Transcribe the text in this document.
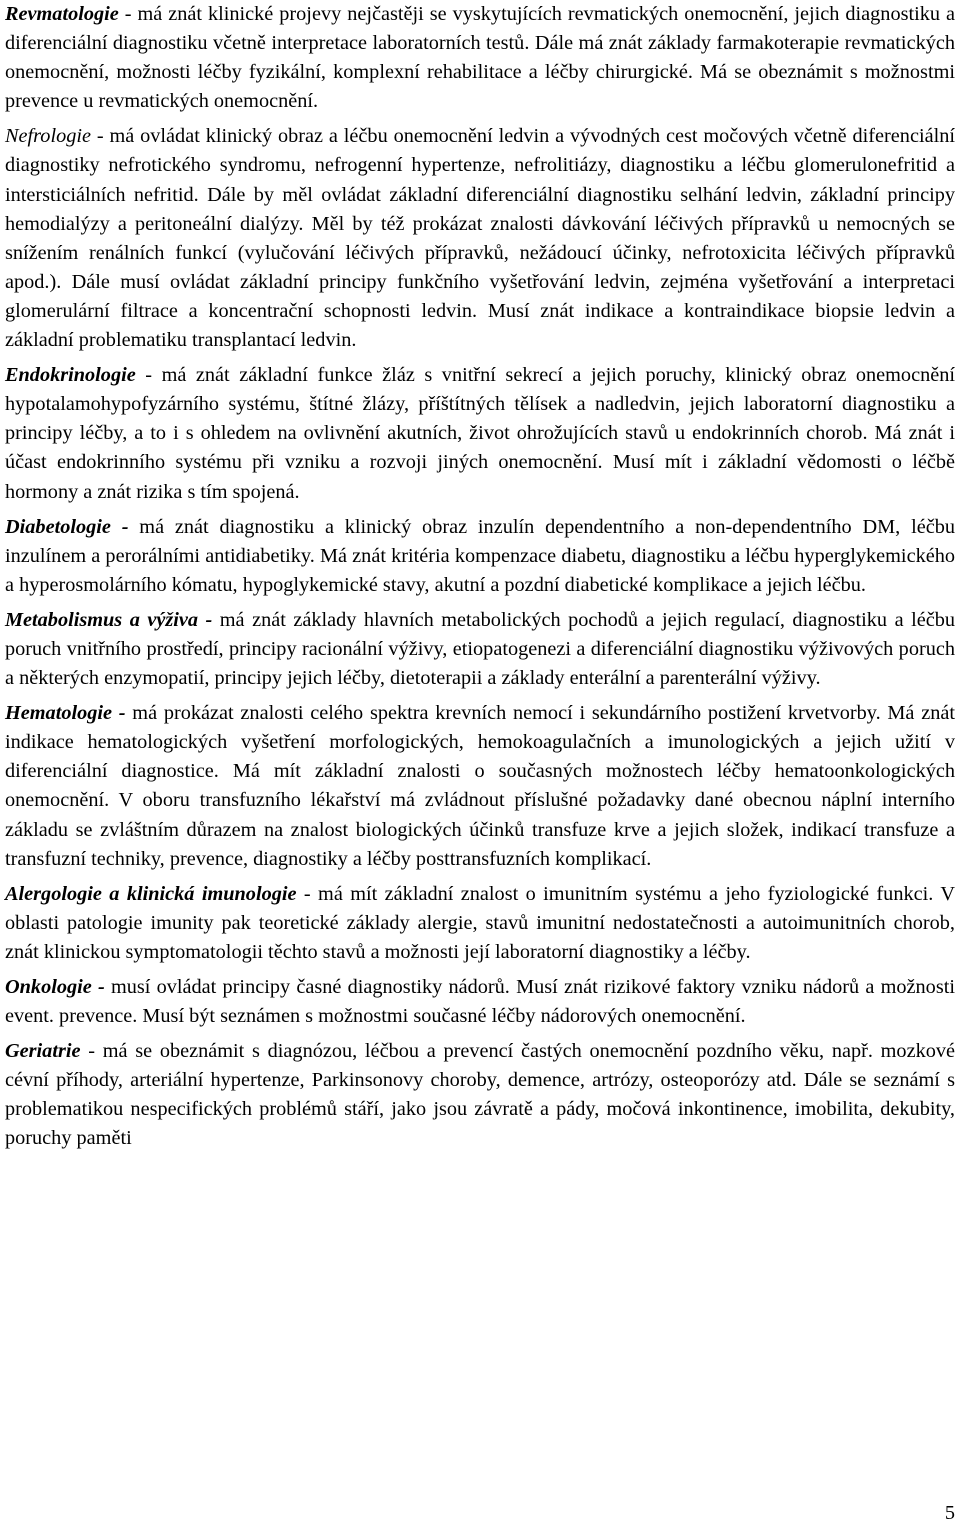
Revmatologie - má znát klinické projevy nejčastěji se vyskytujících revmatických onemocnění, jejich diagnostiku a diferenciální diagnostiku včetně interpretace laboratorních testů. Dále má znát základy farmakoterapie revmatických onemocnění, možnosti léčby fyzikální, komplexní rehabilitace a léčby chirurgické. Má se obeznámit s možnostmi prevence u revmatických onemocnění.

Nefrologie - má ovládat klinický obraz a léčbu onemocnění ledvin a vývodných cest močových včetně diferenciální diagnostiky nefrotického syndromu, nefrogenní hypertenze, nefrolitiázy, diagnostiku a léčbu glomerulonefritid a intersticiálních nefritid. Dále by měl ovládat základní diferenciální diagnostiku selhání ledvin, základní principy hemodialýzy a peritoneální dialýzy. Měl by též prokázat znalosti dávkování léčivých přípravků u nemocných se snížením renálních funkcí (vylučování léčivých přípravků, nežádoucí účinky, nefrotoxicita léčivých přípravků apod.). Dále musí ovládat základní principy funkčního vyšetřování ledvin, zejména vyšetřování a interpretaci glomerulární filtrace a koncentrační schopnosti ledvin. Musí znát indikace a kontraindikace biopsie ledvin a základní problematiku transplantací ledvin.

Endokrinologie - má znát základní funkce žláz s vnitřní sekrecí a jejich poruchy, klinický obraz onemocnění hypotalamohypofyzárního systému, štítné žlázy, příštítných tělísek a nadledvin, jejich laboratorní diagnostiku a principy léčby, a to i s ohledem na ovlivnění akutních, život ohrožujících stavů u endokrinních chorob. Má znát i účast endokrinního systému při vzniku a rozvoji jiných onemocnění. Musí mít i základní vědomosti o léčbě hormony a znát rizika s tím spojená.

Diabetologie - má znát diagnostiku a klinický obraz inzulín dependentního a non-dependentního DM, léčbu inzulínem a perorálními antidiabetiky. Má znát kritéria kompenzace diabetu, diagnostiku a léčbu hyperglykemického a hyperosmolárního kómatu, hypoglykemické stavy, akutní a pozdní diabetické komplikace a jejich léčbu.

Metabolismus a výživa - má znát základy hlavních metabolických pochodů a jejich regulací, diagnostiku a léčbu poruch vnitřního prostředí, principy racionální výživy, etiopatogenezi a diferenciální diagnostiku výživových poruch a některých enzymopatií, principy jejich léčby, dietoterapii a základy enterální a parenterální výživy.

Hematologie - má prokázat znalosti celého spektra krevních nemocí i sekundárního postižení krvetvorby. Má znát indikace hematologických vyšetření morfologických, hemokoagulačních a imunologických a jejich užití v diferenciální diagnostice. Má mít základní znalosti o současných možnostech léčby hematoonkologických onemocnění. V oboru transfuzního lékařství má zvládnout příslušné požadavky dané obecnou náplní interního základu se zvláštním důrazem na znalost biologických účinků transfuze krve a jejich složek, indikací transfuze a transfuzní techniky, prevence, diagnostiky a léčby posttransfuzních komplikací.

Alergologie a klinická imunologie - má mít základní znalost o imunitním systému a jeho fyziologické funkci. V oblasti patologie imunity pak teoretické základy alergie, stavů imunitní nedostatečnosti a autoimunitních chorob, znát klinickou symptomatologii těchto stavů a možnosti její laboratorní diagnostiky a léčby.

Onkologie - musí ovládat principy časné diagnostiky nádorů. Musí znát rizikové faktory vzniku nádorů a možnosti event. prevence. Musí být seznámen s možnostmi současné léčby nádorových onemocnění.

Geriatrie - má se obeznámit s diagnózou, léčbou a prevencí častých onemocnění pozdního věku, např. mozkové cévní příhody, arteriální hypertenze, Parkinsonovy choroby, demence, artrózy, osteoporózy atd. Dále se seznámí s problematikou nespecifických problémů stáří, jako jsou závratě a pády, močová inkontinence, imobilita, dekubity, poruchy paměti

5
